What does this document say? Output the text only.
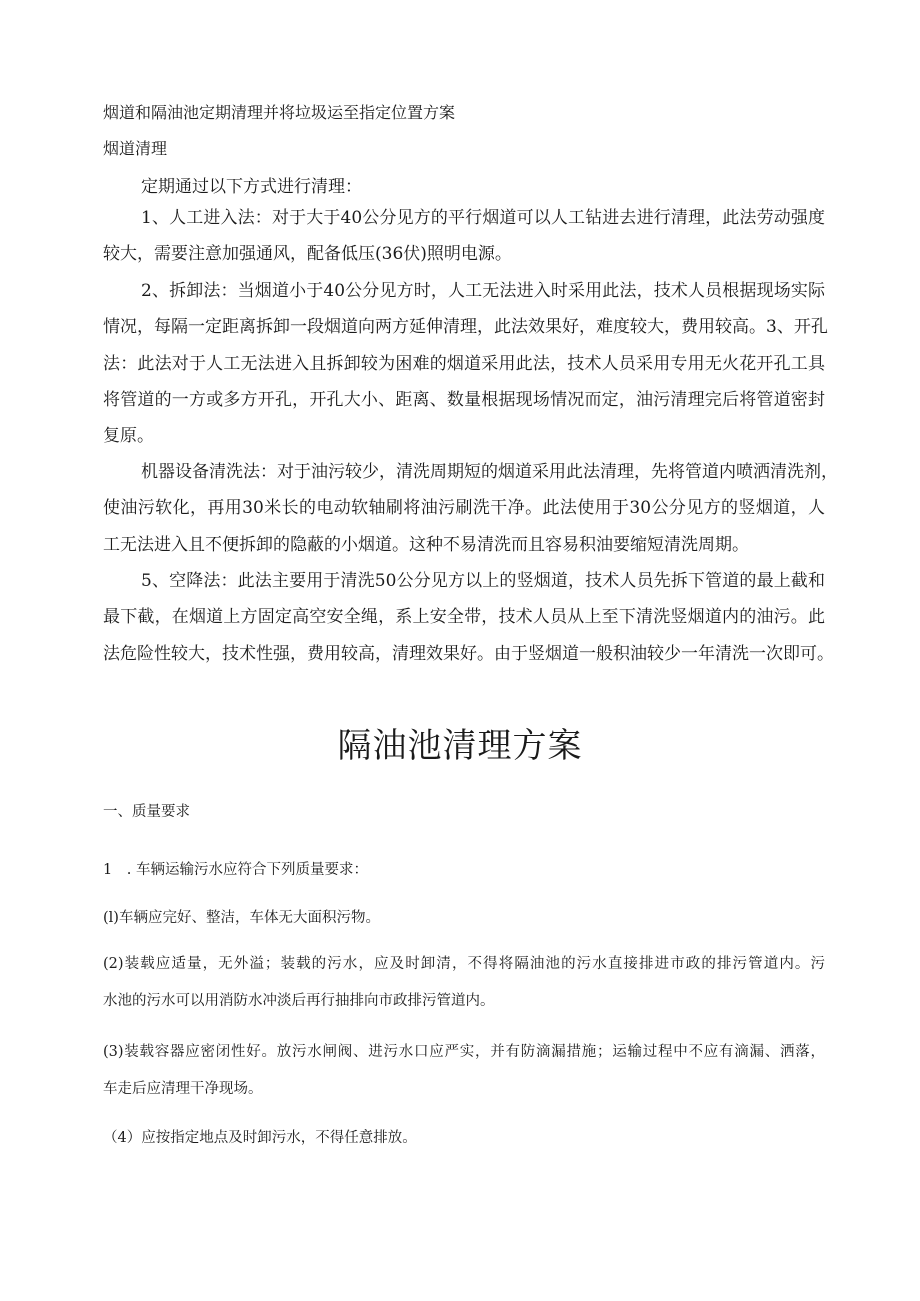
烟道和隔油池定期清理并将垃圾运至指定位置方案
烟道清理
定期通过以下方式进行清理：
1、人工进入法：对于大于40公分见方的平行烟道可以人工钻进去进行清理，此法劳动强度
较大，需要注意加强通风，配备低压(36伏)照明电源。
2、拆卸法：当烟道小于40公分见方时，人工无法进入时采用此法，技术人员根据现场实际
情况，每隔一定距离拆卸一段烟道向两方延伸清理，此法效果好，难度较大，费用较高。3、开孔
法：此法对于人工无法进入且拆卸较为困难的烟道采用此法，技术人员采用专用无火花开孔工具
将管道的一方或多方开孔，开孔大小、距离、数量根据现场情况而定，油污清理完后将管道密封
复原。
机器设备清洗法：对于油污较少，清洗周期短的烟道采用此法清理，先将管道内喷洒清洗剂，
使油污软化，再用30米长的电动软轴刷将油污刷洗干净。此法使用于30公分见方的竖烟道，人
工无法进入且不便拆卸的隐蔽的小烟道。这种不易清洗而且容易积油要缩短清洗周期。
5、空降法：此法主要用于清洗50公分见方以上的竖烟道，技术人员先拆下管道的最上截和
最下截，在烟道上方固定高空安全绳，系上安全带，技术人员从上至下清洗竖烟道内的油污。此
法危险性较大，技术性强，费用较高，清理效果好。由于竖烟道一般积油较少一年清洗一次即可。
隔油池清理方案
一、质量要求
1　. 车辆运输污水应符合下列质量要求：
(l)车辆应完好、整洁，车体无大面积污物。
(2)装载应适量，无外溢；装载的污水，应及时卸清，不得将隔油池的污水直接排进市政的排污管道内。污
水池的污水可以用消防水冲淡后再行抽排向市政排污管道内。
(3)装载容器应密闭性好。放污水闸阀、进污水口应严实，并有防滴漏措施；运输过程中不应有滴漏、洒落，
车走后应清理干净现场。
（4）应按指定地点及时卸污水，不得任意排放。
